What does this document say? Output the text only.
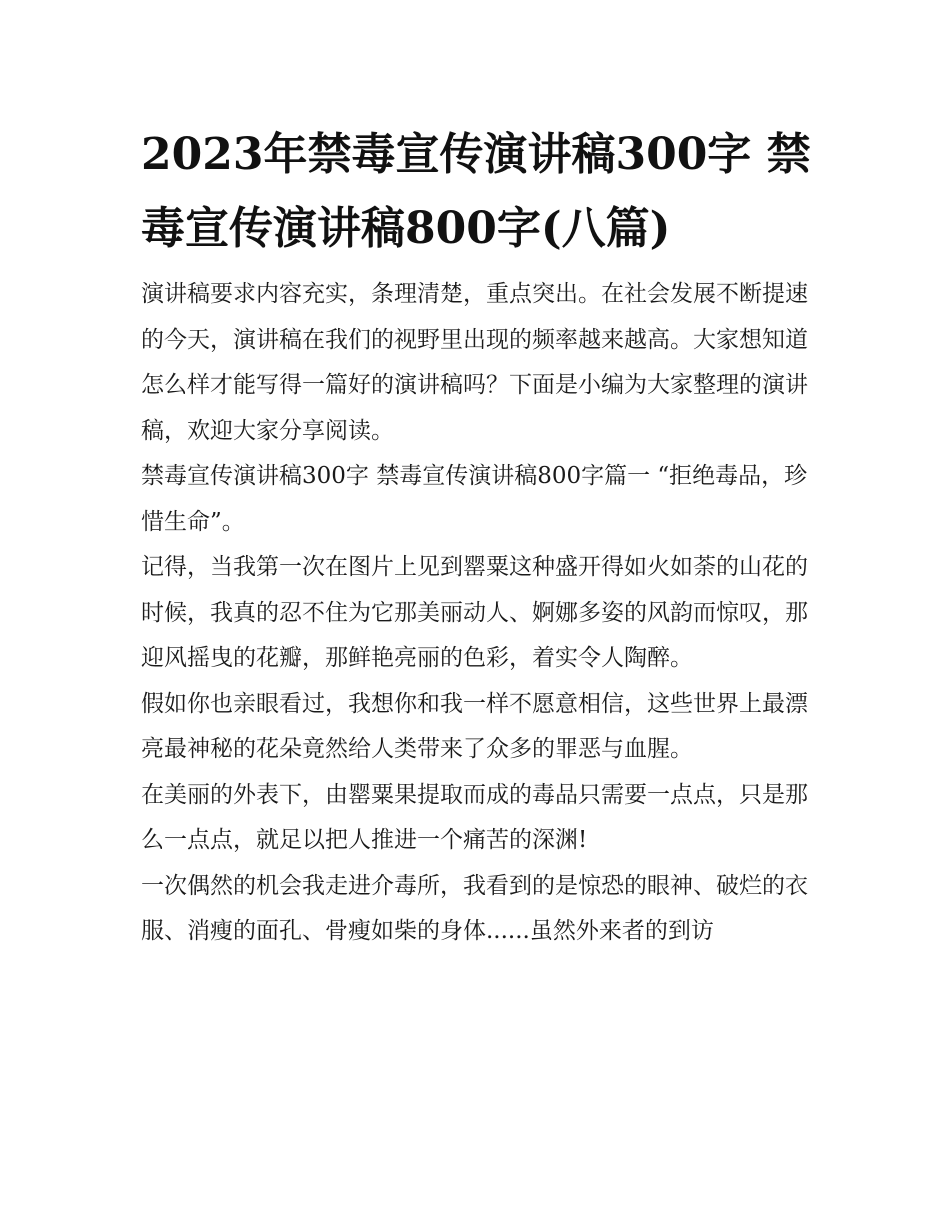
2023年禁毒宣传演讲稿300字 禁毒宣传演讲稿800字(八篇)

演讲稿要求内容充实，条理清楚，重点突出。在社会发展不断提速的今天，演讲稿在我们的视野里出现的频率越来越高。大家想知道怎么样才能写得一篇好的演讲稿吗？下面是小编为大家整理的演讲稿，欢迎大家分享阅读。

禁毒宣传演讲稿300字 禁毒宣传演讲稿800字篇一 “拒绝毒品，珍惜生命”。

记得，当我第一次在图片上见到罂粟这种盛开得如火如荼的山花的时候，我真的忍不住为它那美丽动人、婀娜多姿的风韵而惊叹，那迎风摇曳的花瓣，那鲜艳亮丽的色彩，着实令人陶醉。

假如你也亲眼看过，我想你和我一样不愿意相信，这些世界上最漂亮最神秘的花朵竟然给人类带来了众多的罪恶与血腥。

在美丽的外表下，由罂粟果提取而成的毒品只需要一点点，只是那么一点点，就足以把人推进一个痛苦的深渊!

一次偶然的机会我走进介毒所，我看到的是惊恐的眼神、破烂的衣服、消瘦的面孔、骨瘦如柴的身体......虽然外来者的到访
